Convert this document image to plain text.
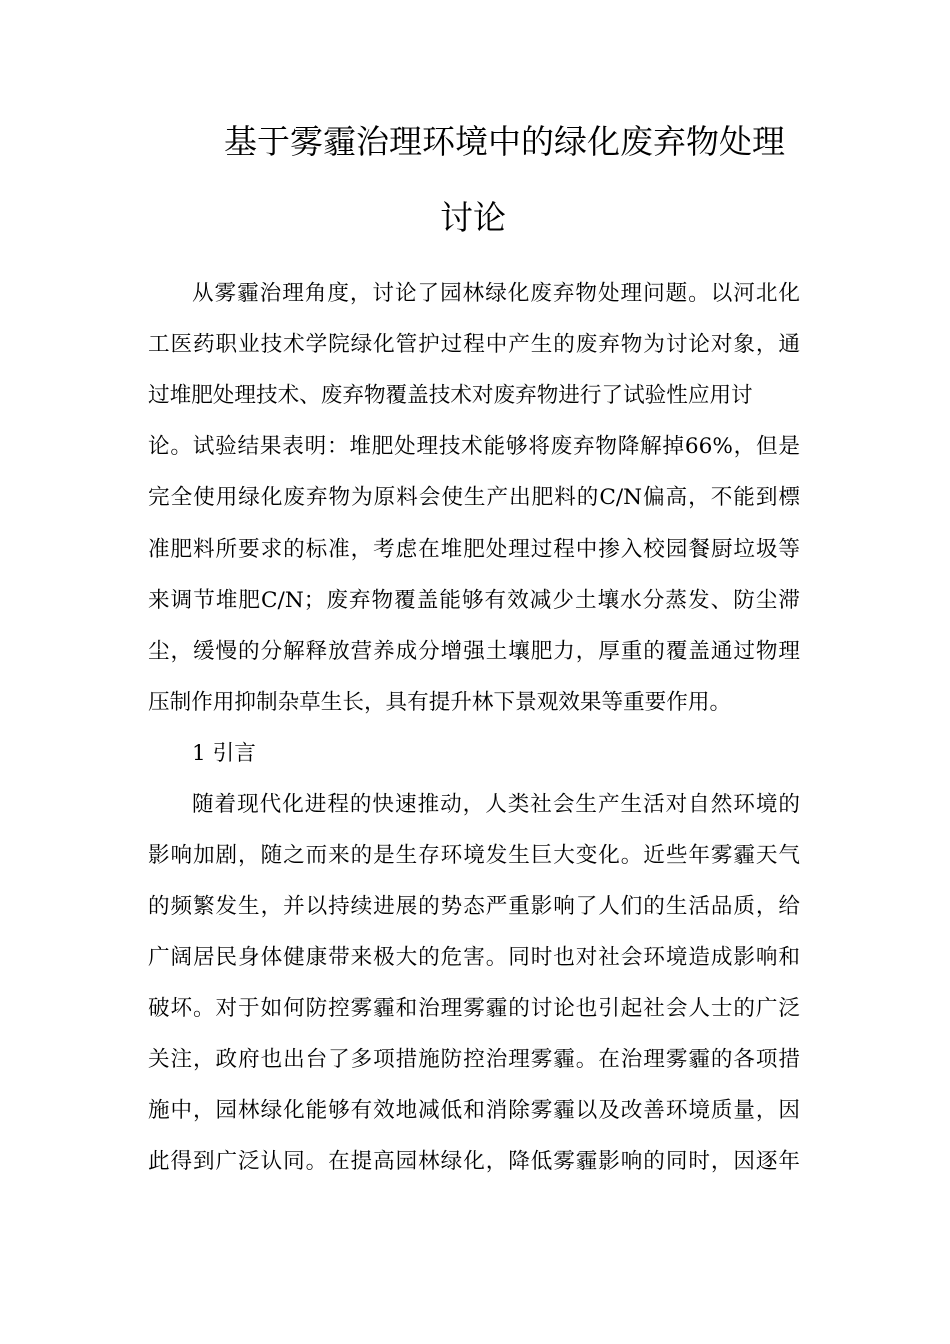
基于雾霾治理环境中的绿化废弃物处理
讨论

从雾霾治理角度，讨论了园林绿化废弃物处理问题。以河北化

工医药职业技术学院绿化管护过程中产生的废弃物为讨论对象，通

过堆肥处理技术、废弃物覆盖技术对废弃物进行了试验性应用讨

论。试验结果表明：堆肥处理技术能够将废弃物降解掉66%，但是

完全使用绿化废弃物为原料会使生产出肥料的C/N偏高，不能到標

准肥料所要求的标准，考虑在堆肥处理过程中掺入校园餐厨垃圾等

来调节堆肥C/N；废弃物覆盖能够有效减少土壤水分蒸发、防尘滞

尘，缓慢的分解释放营养成分增强土壤肥力，厚重的覆盖通过物理

压制作用抑制杂草生长，具有提升林下景观效果等重要作用。

1 引言

随着现代化进程的快速推动，人类社会生产生活对自然环境的

影响加剧，随之而来的是生存环境发生巨大变化。近些年雾霾天气

的频繁发生，并以持续进展的势态严重影响了人们的生活品质，给

广阔居民身体健康带来极大的危害。同时也对社会环境造成影响和

破坏。对于如何防控雾霾和治理雾霾的讨论也引起社会人士的广泛

关注，政府也出台了多项措施防控治理雾霾。在治理雾霾的各项措

施中，园林绿化能够有效地减低和消除雾霾以及改善环境质量，因

此得到广泛认同。在提高园林绿化，降低雾霾影响的同时，因逐年
